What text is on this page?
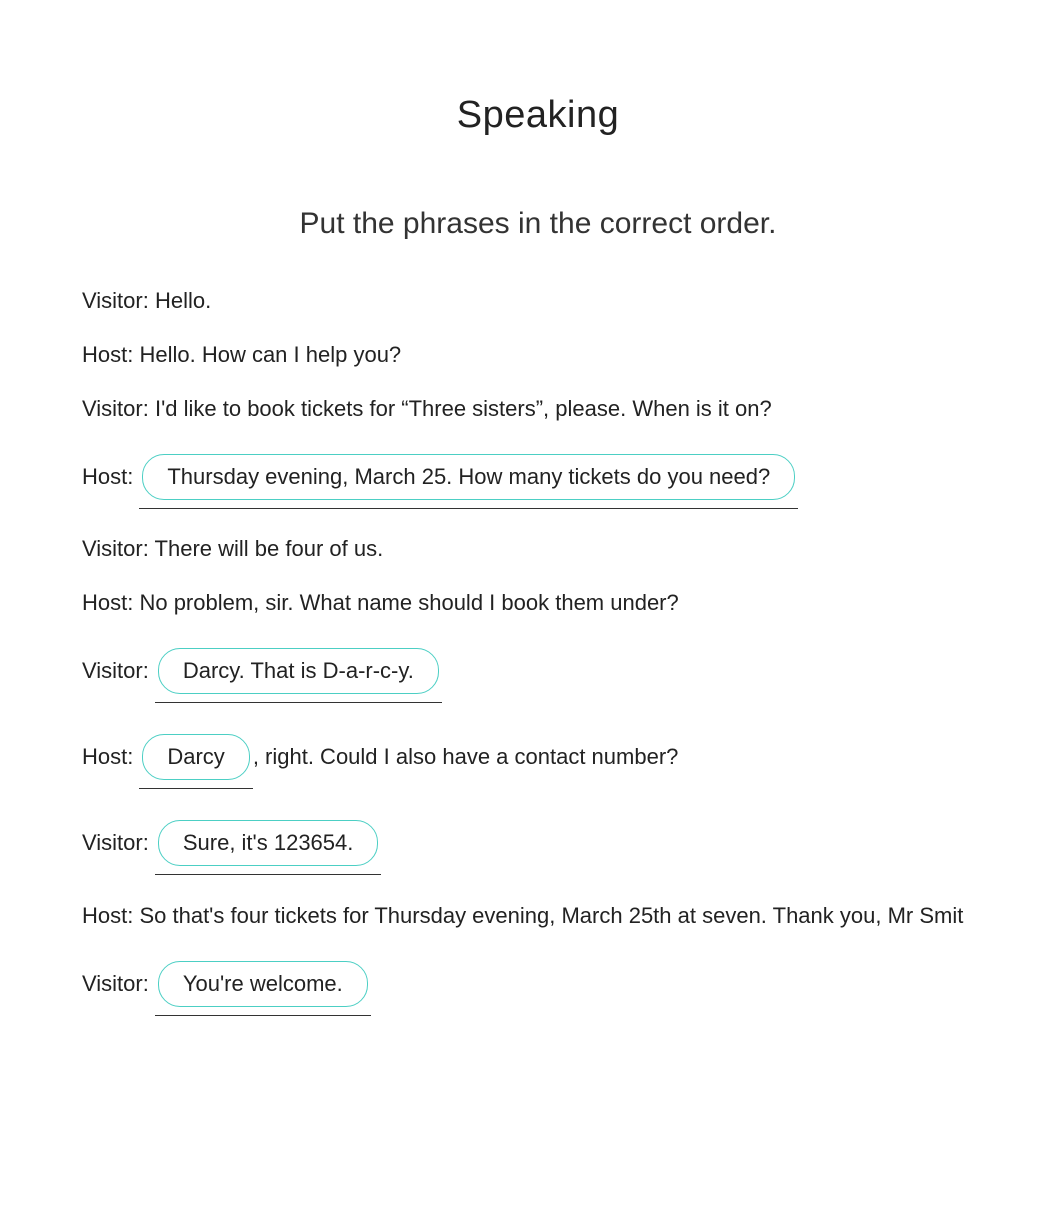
Speaking
Put the phrases in the correct order.
Visitor: Hello.
Host: Hello. How can I help you?
Visitor: I'd like to book tickets for “Three sisters”, please. When is it on?
Host: Thursday evening, March 25. How many tickets do you need?
Visitor: There will be four of us.
Host: No problem, sir. What name should I book them under?
Visitor: Darcy. That is D-a-r-c-y.
Host: Darcy , right. Could I also have a contact number?
Visitor: Sure, it's 123654.
Host: So that's four tickets for Thursday evening, March 25th at seven. Thank you, Mr Smit
Visitor: You're welcome.
